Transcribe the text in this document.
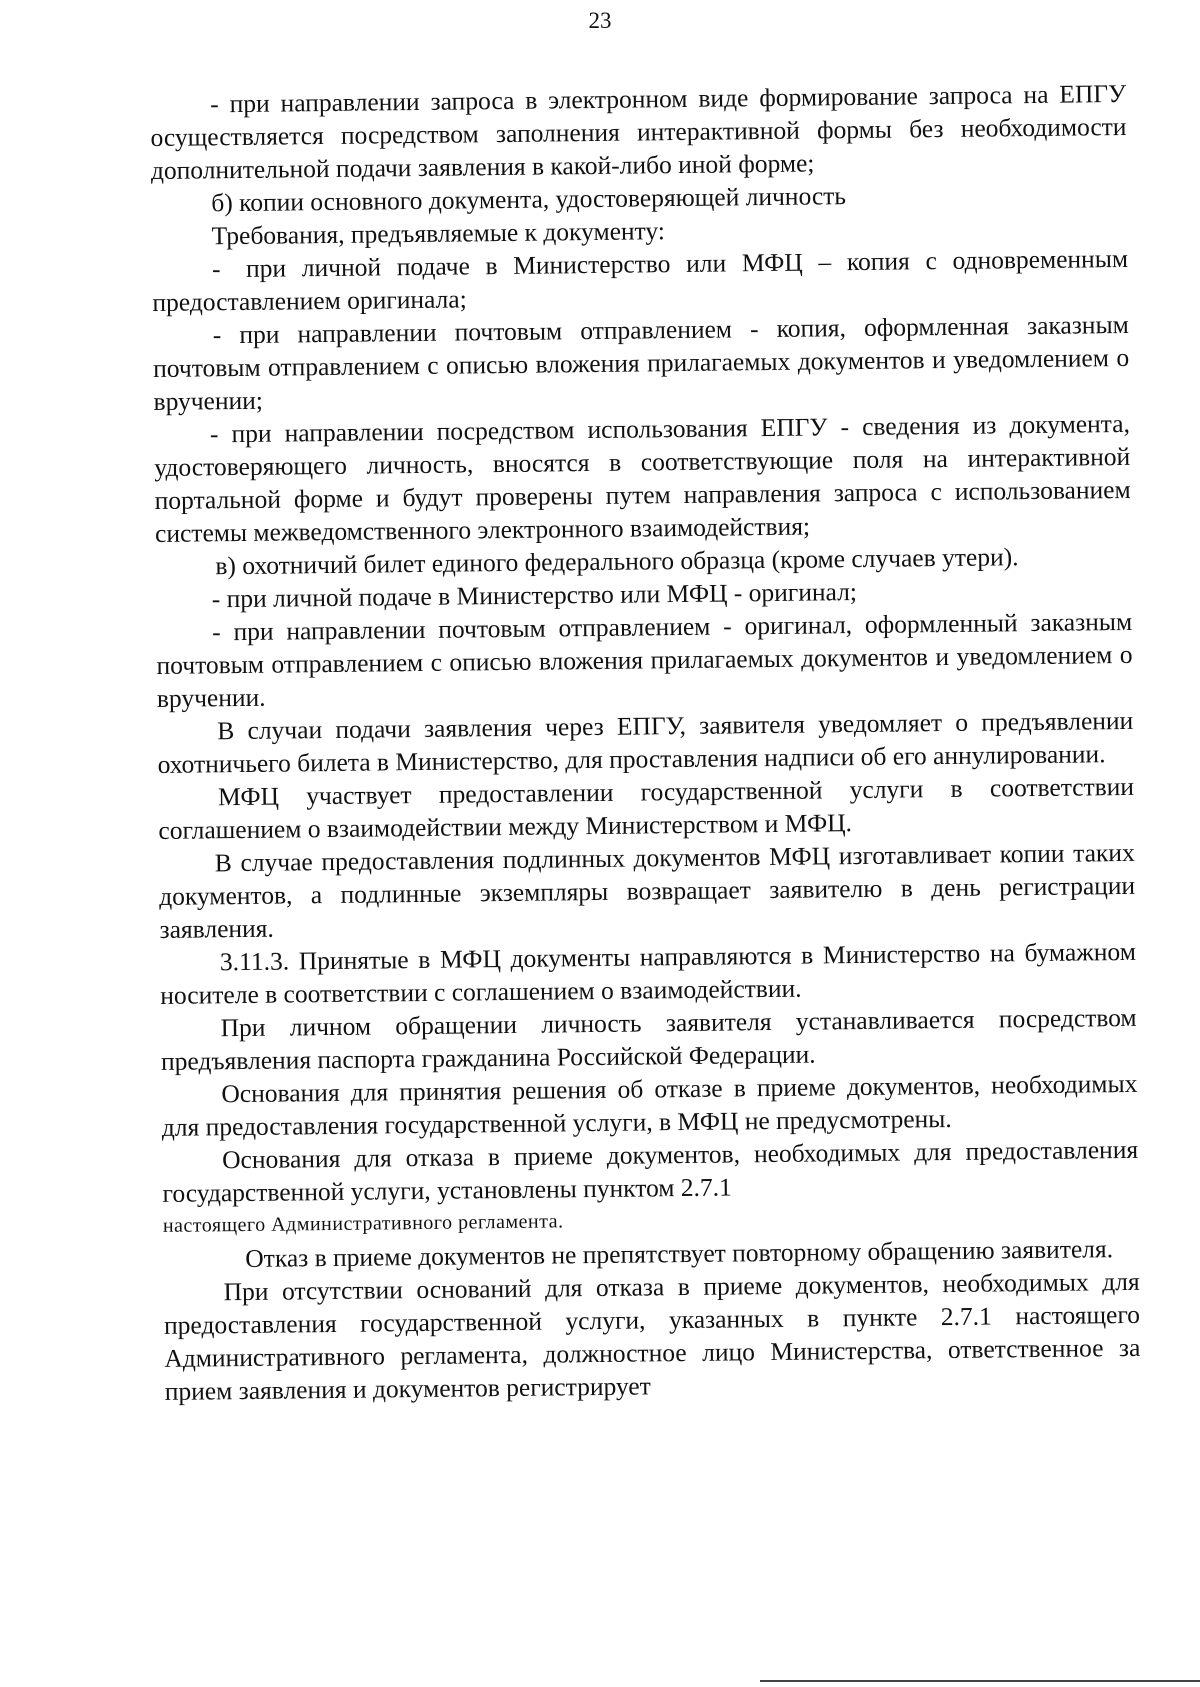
23

- при направлении запроса в электронном виде формирование запроса на ЕПГУ осуществляется посредством заполнения интерактивной формы без необходимости дополнительной подачи заявления в какой-либо иной форме;

б) копии основного документа, удостоверяющей личность

Требования, предъявляемые к документу:

- при личной подаче в Министерство или МФЦ – копия с одновременным предоставлением оригинала;

- при направлении почтовым отправлением - копия, оформленная заказным почтовым отправлением с описью вложения прилагаемых документов и уведомлением о вручении;

- при направлении посредством использования ЕПГУ - сведения из документа, удостоверяющего личность, вносятся в соответствующие поля на интерактивной портальной форме и будут проверены путем направления запроса с использованием системы межведомственного электронного взаимодействия;

в) охотничий билет единого федерального образца (кроме случаев утери).

- при личной подаче в Министерство или МФЦ - оригинал;

- при направлении почтовым отправлением - оригинал, оформленный заказным почтовым отправлением с описью вложения прилагаемых документов и уведомлением о вручении.

В случаи подачи заявления через ЕПГУ, заявителя уведомляет о предъявлении охотничьего билета в Министерство, для проставления надписи об его аннулировании.

МФЦ участвует предоставлении государственной услуги в соответствии соглашением о взаимодействии между Министерством и МФЦ.

В случае предоставления подлинных документов МФЦ изготавливает копии таких документов, а подлинные экземпляры возвращает заявителю в день регистрации заявления.

3.11.3. Принятые в МФЦ документы направляются в Министерство на бумажном носителе в соответствии с соглашением о взаимодействии.

При личном обращении личность заявителя устанавливается посредством предъявления паспорта гражданина Российской Федерации.

Основания для принятия решения об отказе в приеме документов, необходимых для предоставления государственной услуги, в МФЦ не предусмотрены.

Основания для отказа в приеме документов, необходимых для предоставления государственной услуги, установлены пунктом 2.7.1

настоящего Административного регламента.

Отказ в приеме документов не препятствует повторному обращению заявителя.

При отсутствии оснований для отказа в приеме документов, необходимых для предоставления государственной услуги, указанных в пункте 2.7.1 настоящего Административного регламента, должностное лицо Министерства, ответственное за прием заявления и документов регистрирует
